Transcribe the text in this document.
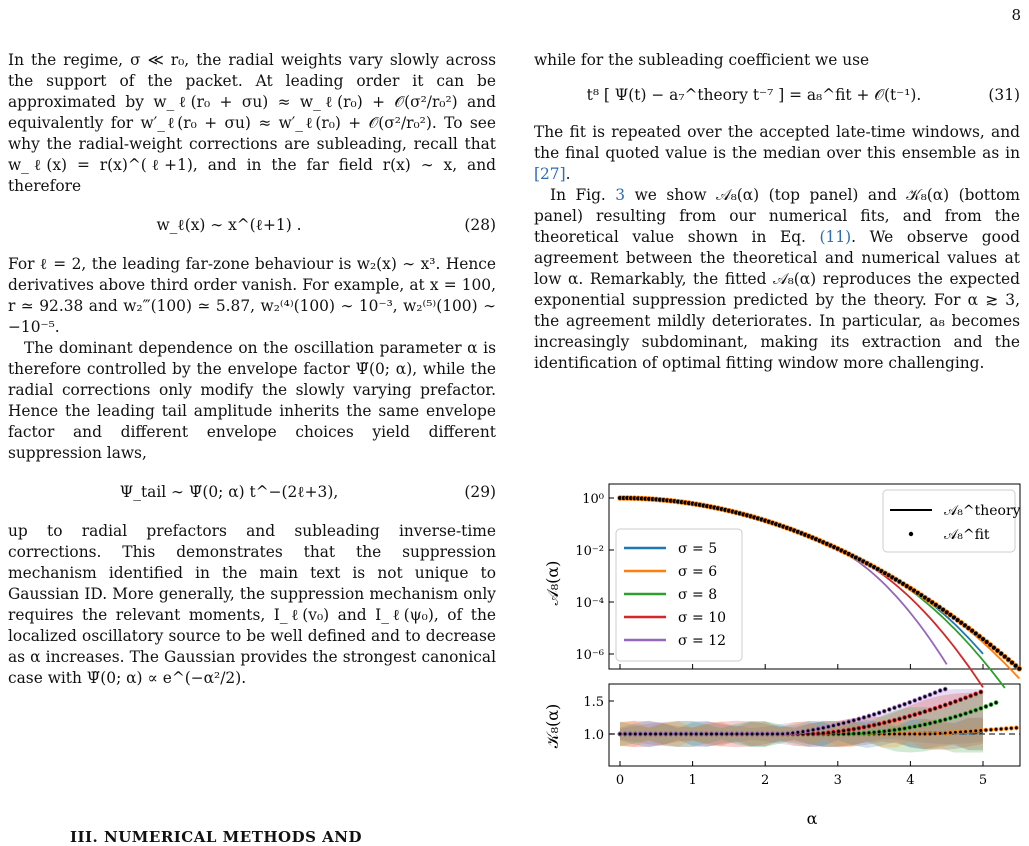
8

In the regime, σ ≪ r₀, the radial weights vary slowly across the support of the packet. At leading order it can be approximated by w_ℓ(r₀ + σu) ≈ w_ℓ(r₀) + 𝒪(σ²/r₀²) and equivalently for w′_ℓ(r₀ + σu) ≈ w′_ℓ(r₀) + 𝒪(σ²/r₀²). To see why the radial-weight corrections are subleading, recall that w_ℓ(x) = r(x)^(ℓ+1), and in the far field r(x) ∼ x, and therefore

w_ℓ(x) ∼ x^(ℓ+1) .	(28)

For ℓ = 2, the leading far-zone behaviour is w₂(x) ∼ x³. Hence derivatives above third order vanish. For example, at x = 100, r ≃ 92.38 and w₂‴(100) ≃ 5.87, w₂⁽⁴⁾(100) ∼ 10⁻³, w₂⁽⁵⁾(100) ∼ −10⁻⁵.

The dominant dependence on the oscillation parameter α is therefore controlled by the envelope factor Ψ̃(0; α), while the radial corrections only modify the slowly varying prefactor. Hence the leading tail amplitude inherits the same envelope factor and different envelope choices yield different suppression laws,

Ψ_tail ∼ Ψ̃(0; α) t^−(2ℓ+3),	(29)

up to radial prefactors and subleading inverse-time corrections. This demonstrates that the suppression mechanism identified in the main text is not unique to Gaussian ID. More generally, the suppression mechanism only requires the relevant moments, I_ℓ(v₀) and I_ℓ(ψ₀), of the localized oscillatory source to be well defined and to decrease as α increases. The Gaussian provides the strongest canonical case with Ψ̃(0; α) ∝ e^(−α²/2).

III. NUMERICAL METHODS AND

while for the subleading coefficient we use

t⁸ [ Ψ(t) − a₇^theory t⁻⁷ ] = a₈^fit + 𝒪(t⁻¹).	(31)

The fit is repeated over the accepted late-time windows, and the final quoted value is the median over this ensemble as in [27].

In Fig. 3 we show 𝒜₈(α) (top panel) and 𝒦₈(α) (bottom panel) resulting from our numerical fits, and from the theoretical value shown in Eq. (11). We observe good agreement between the theoretical and numerical values at low α. Remarkably, the fitted 𝒜₈(α) reproduces the expected exponential suppression predicted by the theory. For α ≳ 3, the agreement mildly deteriorates. In particular, a₈ becomes increasingly subdominant, making its extraction and the identification of optimal fitting window more challenging.

10⁰
10⁻²
10⁻⁴
10⁻⁶
𝒜₈(α)
1.0
1.5
𝒦₈(α)
0	1	2	3	4	5
α
σ = 5
σ = 6
σ = 8
σ = 10
σ = 12
𝒜₈^theory
𝒜₈^fit
